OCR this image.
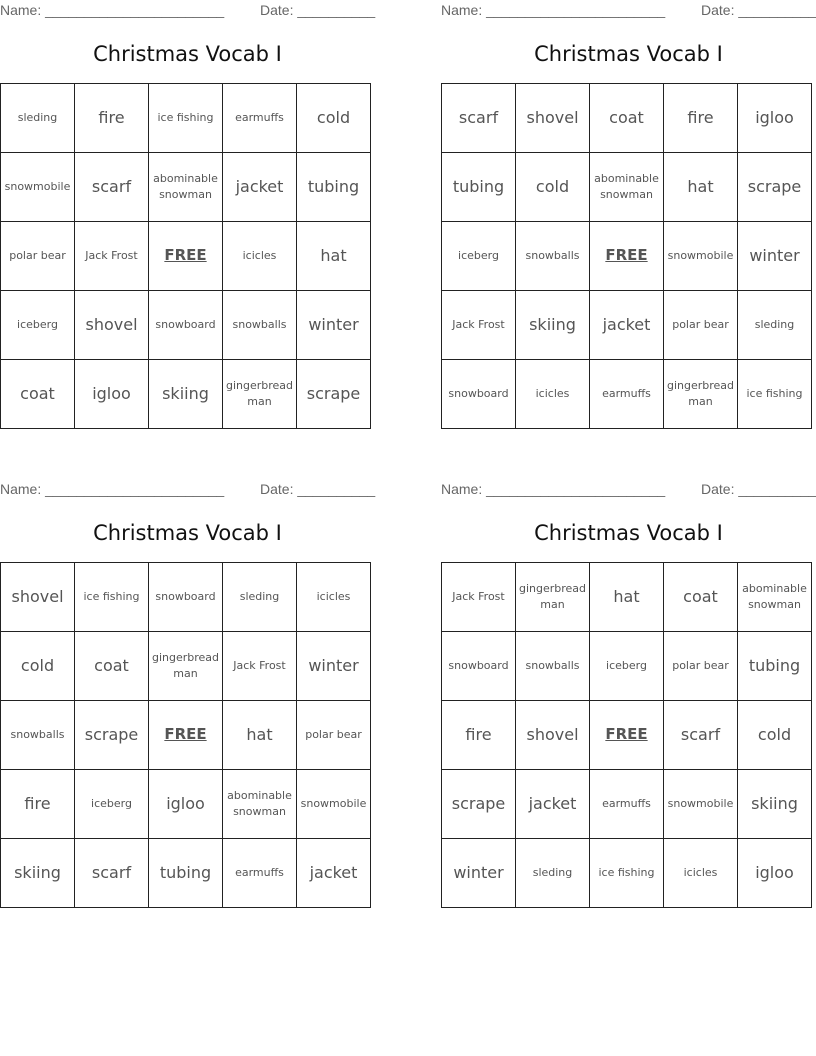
Name: _______________________	Date: __________
Christmas Vocab I
sleding	fire	ice fishing	earmuffs	cold
snowmobile	scarf	abominable snowman	jacket	tubing
polar bear	Jack Frost	FREE	icicles	hat
iceberg	shovel	snowboard	snowballs	winter
coat	igloo	skiing	gingerbread man	scrape
Name: _______________________	Date: __________
Christmas Vocab I
scarf	shovel	coat	fire	igloo
tubing	cold	abominable snowman	hat	scrape
iceberg	snowballs	FREE	snowmobile	winter
Jack Frost	skiing	jacket	polar bear	sleding
snowboard	icicles	earmuffs	gingerbread man	ice fishing
Name: _______________________	Date: __________
Christmas Vocab I
shovel	ice fishing	snowboard	sleding	icicles
cold	coat	gingerbread man	Jack Frost	winter
snowballs	scrape	FREE	hat	polar bear
fire	iceberg	igloo	abominable snowman	snowmobile
skiing	scarf	tubing	earmuffs	jacket
Name: _______________________	Date: __________
Christmas Vocab I
Jack Frost	gingerbread man	hat	coat	abominable snowman
snowboard	snowballs	iceberg	polar bear	tubing
fire	shovel	FREE	scarf	cold
scrape	jacket	earmuffs	snowmobile	skiing
winter	sleding	ice fishing	icicles	igloo
